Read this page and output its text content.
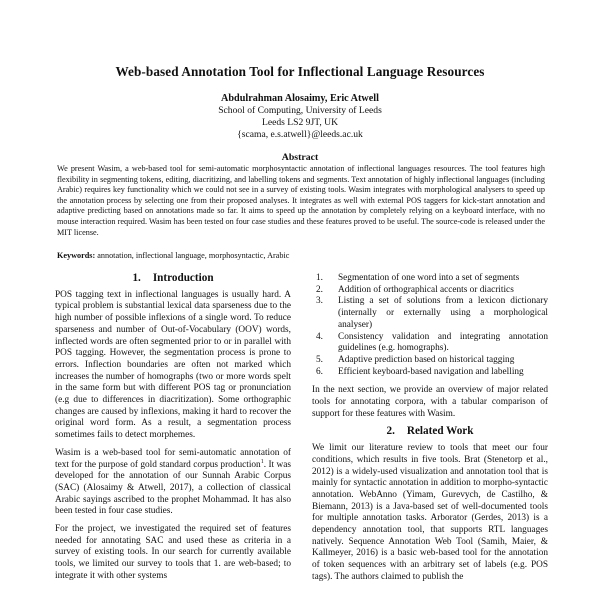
Web-based Annotation Tool for Inflectional Language Resources
Abdulrahman Alosaimy, Eric Atwell
School of Computing, University of Leeds
Leeds LS2 9JT, UK
{scama, e.s.atwell}@leeds.ac.uk
Abstract
We present Wasim, a web-based tool for semi-automatic morphosyntactic annotation of inflectional languages resources. The tool features high flexibility in segmenting tokens, editing, diacritizing, and labelling tokens and segments. Text annotation of highly inflectional languages (including Arabic) requires key functionality which we could not see in a survey of existing tools. Wasim integrates with morphological analysers to speed up the annotation process by selecting one from their proposed analyses. It integrates as well with external POS taggers for kick-start annotation and adaptive predicting based on annotations made so far. It aims to speed up the annotation by completely relying on a keyboard interface, with no mouse interaction required. Wasim has been tested on four case studies and these features proved to be useful. The source-code is released under the MIT license.
Keywords: annotation, inflectional language, morphosyntactic, Arabic
1. Introduction

POS tagging text in inflectional languages is usually hard. A typical problem is substantial lexical data sparseness due to the high number of possible inflexions of a single word. To reduce sparseness and number of Out-of-Vocabulary (OOV) words, inflected words are often segmented prior to or in parallel with POS tagging. However, the segmentation process is prone to errors. Inflection boundaries are often not marked which increases the number of homographs (two or more words spelt in the same form but with different POS tag or pronunciation (e.g due to differences in diacritization). Some orthographic changes are caused by inflexions, making it hard to recover the original word form. As a result, a segmentation process sometimes fails to detect morphemes.

Wasim is a web-based tool for semi-automatic annotation of text for the purpose of gold standard corpus production$^1$. It was developed for the annotation of our Sunnah Arabic Corpus (SAC) (Alosaimy & Atwell, 2017), a collection of classical Arabic sayings ascribed to the prophet Mohammad. It has also been tested in four case studies.

For the project, we investigated the required set of features needed for annotating SAC and used these as criteria in a survey of existing tools. In our search for currently available tools, we limited our survey to tools that 1. are web-based; to integrate it with other systems

1. Segmentation of one word into a set of segments
2. Addition of orthographical accents or diacritics
3. Listing a set of solutions from a lexicon dictionary (internally or externally using a morphological analyser)
4. Consistency validation and integrating annotation guidelines (e.g. homographs).
5. Adaptive prediction based on historical tagging
6. Efficient keyboard-based navigation and labelling

In the next section, we provide an overview of major related tools for annotating corpora, with a tabular comparison of support for these features with Wasim.

2. Related Work

We limit our literature review to tools that meet our four conditions, which results in five tools. Brat (Stenetorp et al., 2012) is a widely-used visualization and annotation tool that is mainly for syntactic annotation in addition to morpho-syntactic annotation. WebAnno (Yimam, Gurevych, de Castilho, & Biemann, 2013) is a Java-based set of well-documented tools for multiple annotation tasks. Arborator (Gerdes, 2013) is a dependency annotation tool, that supports RTL languages natively. Sequence Annotation Web Tool (Samih, Maier, & Kallmeyer, 2016) is a basic web-based tool for the annotation of token sequences with an arbitrary set of labels (e.g. POS tags). The authors claimed to publish the
